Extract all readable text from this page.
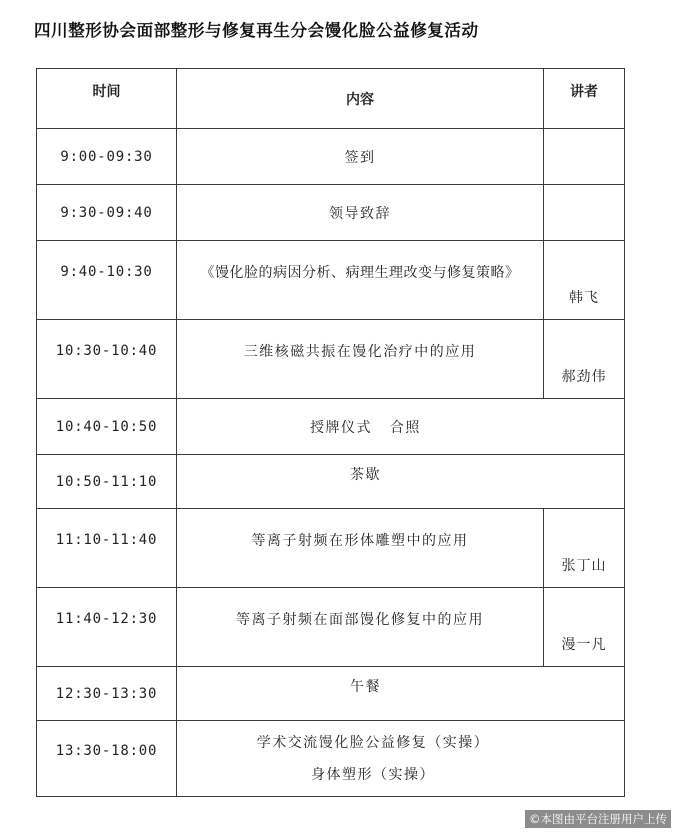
四川整形协会面部整形与修复再生分会馒化脸公益修复活动
时间	内容	讲者
9:00-09:30	签到	
9:30-09:40	领导致辞	
9:40-10:30	《馒化脸的病因分析、病理生理改变与修复策略》	韩飞
10:30-10:40	三维核磁共振在馒化治疗中的应用	郝劲伟
10:40-10:50	授牌仪式   合照	
10:50-11:10	茶歇	
11:10-11:40	等离子射频在形体雕塑中的应用	张丁山
11:40-12:30	等离子射频在面部馒化修复中的应用	漫一凡
12:30-13:30	午餐	
13:30-18:00	学术交流馒化脸公益修复（实操）
身体塑形（实操）	
©本图由平台注册用户上传
